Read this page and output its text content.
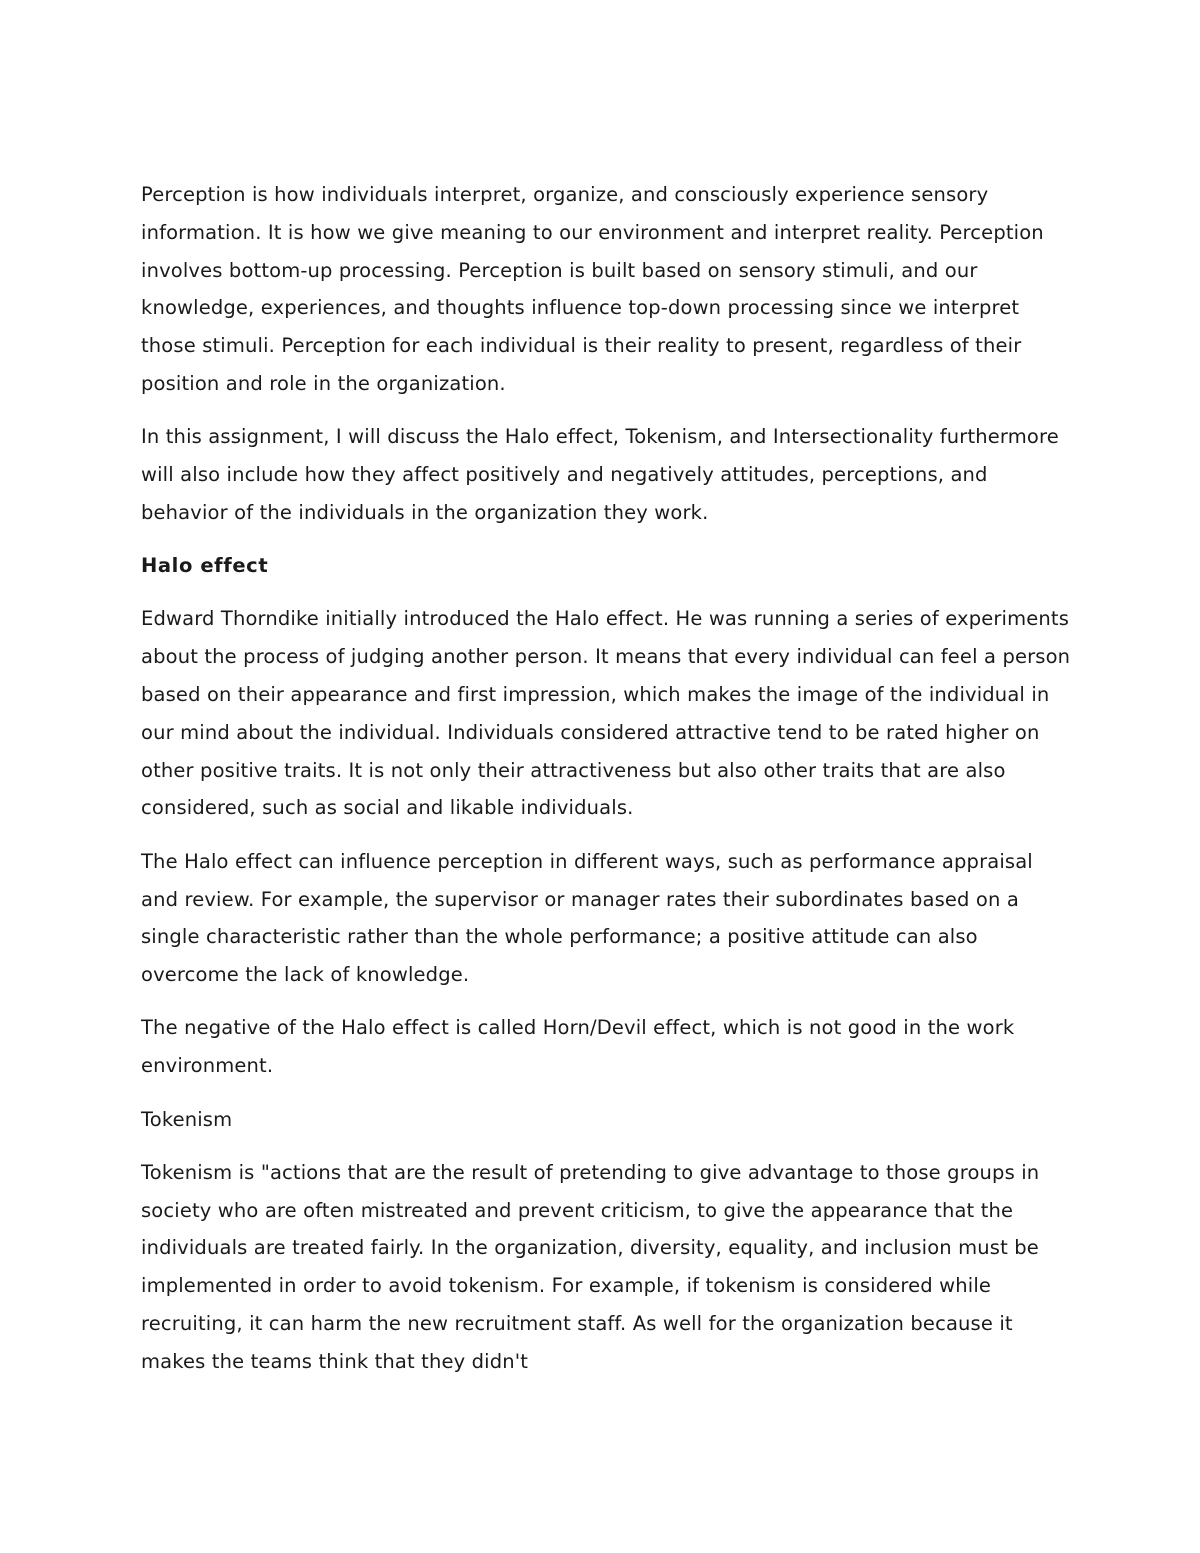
Perception is how individuals interpret, organize, and consciously experience sensory information. It is how we give meaning to our environment and interpret reality. Perception involves bottom-up processing. Perception is built based on sensory stimuli, and our knowledge, experiences, and thoughts influence top-down processing since we interpret those stimuli. Perception for each individual is their reality to present, regardless of their position and role in the organization.

In this assignment, I will discuss the Halo effect, Tokenism, and Intersectionality furthermore will also include how they affect positively and negatively attitudes, perceptions, and behavior of the individuals in the organization they work.

Halo effect

Edward Thorndike initially introduced the Halo effect. He was running a series of experiments about the process of judging another person. It means that every individual can feel a person based on their appearance and first impression, which makes the image of the individual in our mind about the individual. Individuals considered attractive tend to be rated higher on other positive traits. It is not only their attractiveness but also other traits that are also considered, such as social and likable individuals.

The Halo effect can influence perception in different ways, such as performance appraisal and review. For example, the supervisor or manager rates their subordinates based on a single characteristic rather than the whole performance; a positive attitude can also overcome the lack of knowledge.

The negative of the Halo effect is called Horn/Devil effect, which is not good in the work environment.

Tokenism

Tokenism is "actions that are the result of pretending to give advantage to those groups in society who are often mistreated and prevent criticism, to give the appearance that the individuals are treated fairly. In the organization, diversity, equality, and inclusion must be implemented in order to avoid tokenism. For example, if tokenism is considered while recruiting, it can harm the new recruitment staff. As well for the organization because it makes the teams think that they didn't
